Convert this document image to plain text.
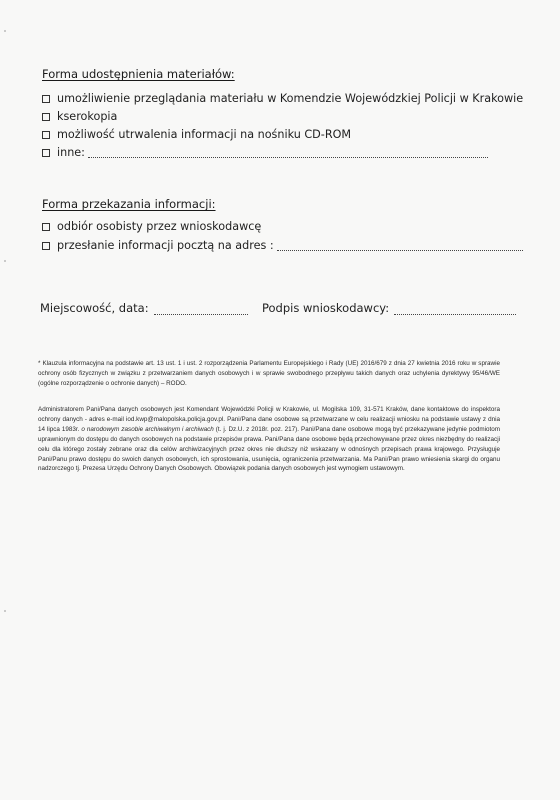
Forma udostępnienia materiałów:
umożliwienie przeglądania materiału w Komendzie Wojewódzkiej Policji w Krakowie
kserokopia
możliwość utrwalenia informacji na nośniku CD-ROM
inne:
Forma przekazania informacji:
odbiór osobisty przez wnioskodawcę
przesłanie informacji pocztą na adres :
Miejscowość, data:	Podpis wnioskodawcy:
* Klauzula informacyjna na podstawie art. 13 ust. 1 i ust. 2 rozporządzenia Parlamentu Europejskiego i Rady (UE) 2016/679 z dnia 27 kwietnia 2016 roku w sprawie ochrony osób fizycznych w związku z przetwarzaniem danych osobowych i w sprawie swobodnego przepływu takich danych oraz uchylenia dyrektywy 95/46/WE (ogólne rozporządzenie o ochronie danych) – RODO.
Administratorem Pani/Pana danych osobowych jest Komendant Wojewódzki Policji w Krakowie, ul. Mogilska 109, 31-571 Kraków, dane kontaktowe do inspektora ochrony danych - adres e-mail iod.kwp@malopolska.policja.gov.pl. Pani/Pana dane osobowe są przetwarzane w celu realizacji wniosku na podstawie ustawy z dnia 14 lipca 1983r. o narodowym zasobie archiwalnym i archiwach (t. j. Dz.U. z 2018r. poz. 217). Pani/Pana dane osobowe mogą być przekazywane jedynie podmiotom uprawnionym do dostępu do danych osobowych na podstawie przepisów prawa. Pani/Pana dane osobowe będą przechowywane przez okres niezbędny do realizacji celu dla którego zostały zebrane oraz dla celów archiwizacyjnych przez okres nie dłuższy niż wskazany w odnośnych przepisach prawa krajowego. Przysługuje Pani/Panu prawo dostępu do swoich danych osobowych, ich sprostowania, usunięcia, ograniczenia przetwarzania. Ma Pani/Pan prawo wniesienia skargi do organu nadzorczego tj. Prezesa Urzędu Ochrony Danych Osobowych. Obowiązek podania danych osobowych jest wymogiem ustawowym.
